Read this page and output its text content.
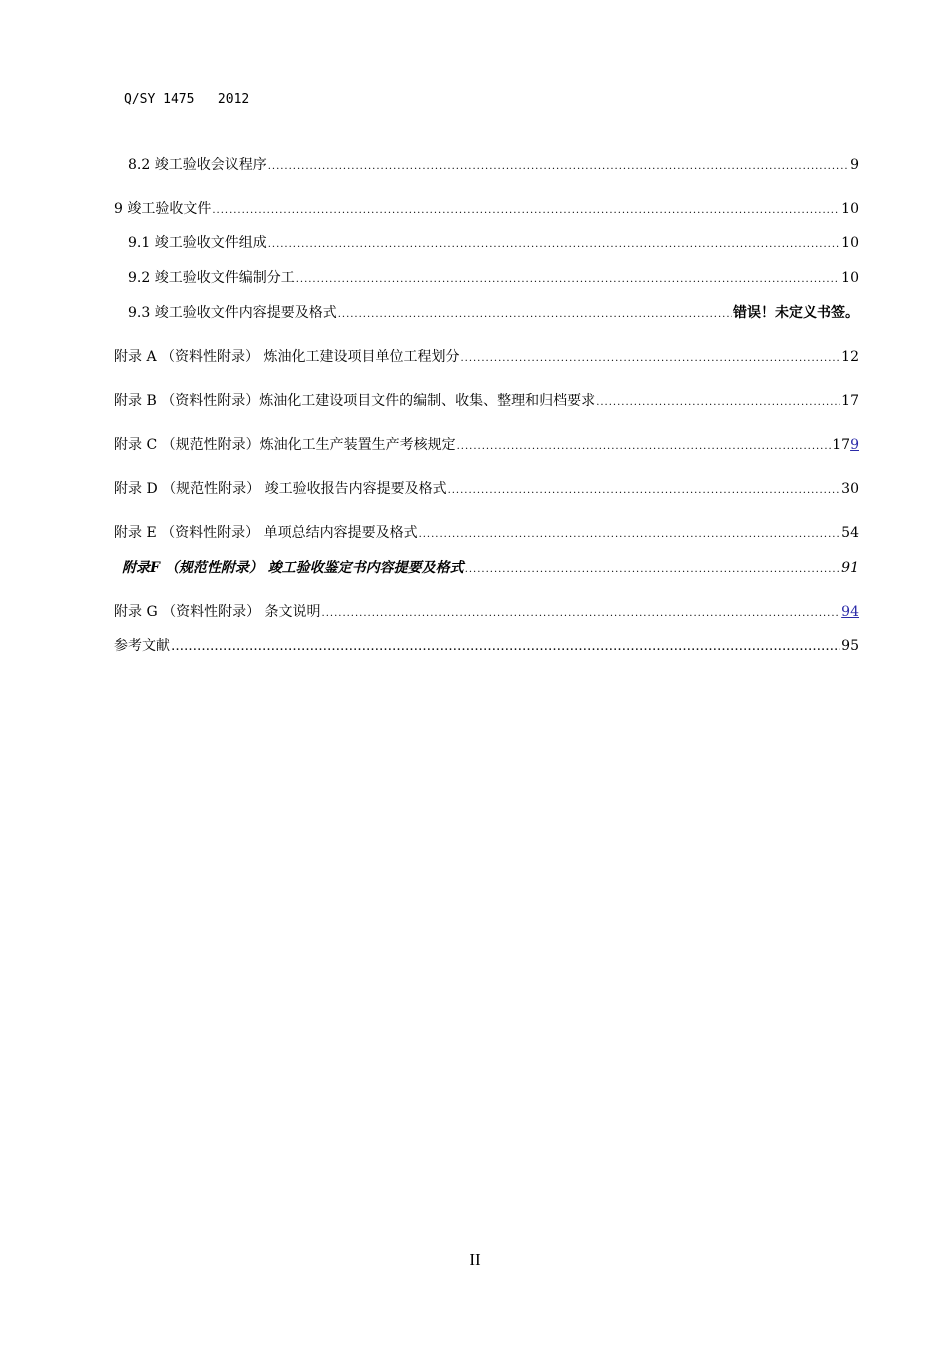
Q/SY 1475   2012
8.2 竣工验收会议程序 .....	9
9 竣工验收文件 .....	10
9.1 竣工验收文件组成 .....	10
9.2 竣工验收文件编制分工 .....	10
9.3 竣工验收文件内容提要及格式 .....	错误！未定义书签。
附录 A （资料性附录） 炼油化工建设项目单位工程划分 .....	12
附录 B （资料性附录）炼油化工建设项目文件的编制、收集、整理和归档要求 .....	17
附录 C （规范性附录）炼油化工生产装置生产考核规定 .....	179
附录 D （规范性附录） 竣工验收报告内容提要及格式 .....	30
附录 E （资料性附录） 单项总结内容提要及格式 .....	54
附录F （规范性附录） 竣工验收鉴定书内容提要及格式 .....	91
附录 G （资料性附录） 条文说明 .....	94
参考文献 …………………………………………………………………………………………………………………………………………………………………………………………………………………………………………………………………	95
II
